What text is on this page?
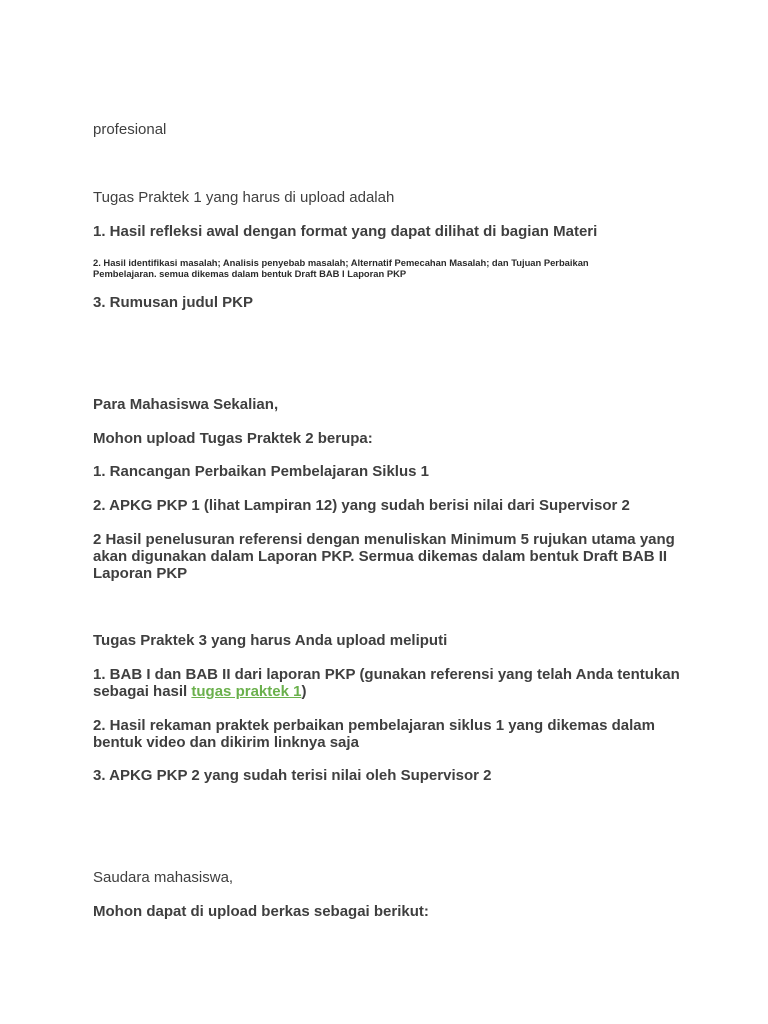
profesional

Tugas Praktek 1 yang harus di upload adalah

1. Hasil refleksi awal dengan format yang dapat dilihat di bagian Materi

2. Hasil identifikasi masalah; Analisis penyebab masalah; Alternatif Pemecahan Masalah; dan Tujuan Perbaikan Pembelajaran. semua dikemas dalam bentuk Draft BAB I Laporan PKP

3. Rumusan judul PKP

Para Mahasiswa Sekalian,

Mohon upload Tugas Praktek 2 berupa:

1. Rancangan Perbaikan Pembelajaran Siklus 1

2. APKG PKP 1 (lihat Lampiran 12) yang sudah berisi nilai dari Supervisor 2

2 Hasil penelusuran referensi dengan menuliskan Minimum 5 rujukan utama yang akan digunakan dalam Laporan PKP. Sermua dikemas dalam bentuk Draft BAB II Laporan PKP

Tugas Praktek 3 yang harus Anda upload meliputi

1. BAB I dan BAB II dari laporan PKP (gunakan referensi yang telah Anda tentukan sebagai hasil tugas praktek 1)

2. Hasil rekaman praktek perbaikan pembelajaran siklus 1 yang dikemas dalam bentuk video dan dikirim linknya saja

3. APKG PKP 2 yang sudah terisi nilai oleh Supervisor 2

Saudara mahasiswa,

Mohon dapat di upload berkas sebagai berikut:
